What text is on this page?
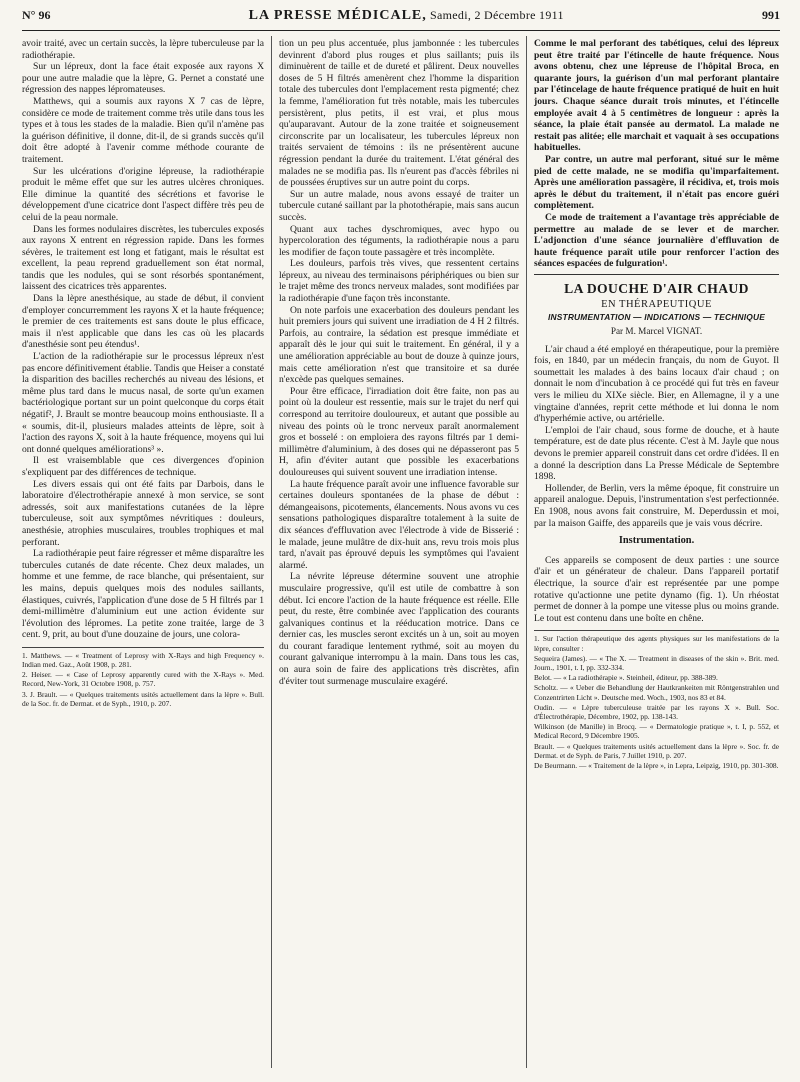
N° 96	LA PRESSE MÉDICALE, Samedi, 2 Décembre 1911	991

avoir traité, avec un certain succès, la lèpre tuberculeuse par la radiothérapie.

Sur un lépreux, dont la face était exposée aux rayons X pour une autre maladie que la lèpre, G. Pernet a constaté une régression des nappes lépromateuses.

Matthews, qui a soumis aux rayons X 7 cas de lèpre, considère ce mode de traitement comme très utile dans tous les types et à tous les stades de la maladie. Bien qu'il n'amène pas la guérison définitive, il donne, dit-il, de si grands succès qu'il doit être adopté à l'avenir comme méthode courante de traitement.

Sur les ulcérations d'origine lépreuse, la radiothérapie produit le même effet que sur les autres ulcères chroniques. Elle diminue la quantité des sécrétions et favorise le développement d'une cicatrice dont l'aspect diffère très peu de celui de la peau normale.

Dans les formes nodulaires discrètes, les tubercules exposés aux rayons X entrent en régression rapide. Dans les formes sévères, le traitement est long et fatigant, mais le résultat est excellent, la peau reprend graduellement son état normal, tandis que les nodules, qui se sont résorbés spontanément, laissent des cicatrices très apparentes.

Dans la lèpre anesthésique, au stade de début, il convient d'employer concurremment les rayons X et la haute fréquence; le premier de ces traitements est sans doute le plus efficace, mais il n'est applicable que dans les cas où les placards d'anesthésie sont peu étendus¹.

L'action de la radiothérapie sur le processus lépreux n'est pas encore définitivement établie. Tandis que Heiser a constaté la disparition des bacilles recherchés au niveau des lésions, et même plus tard dans le mucus nasal, de sorte qu'un examen bactériologique portant sur un point quelconque du corps était négatif², J. Brault se montre beaucoup moins enthousiaste. Il a « soumis, dit-il, plusieurs malades atteints de lèpre, soit à l'action des rayons X, soit à la haute fréquence, moyens qui lui ont donné quelques améliorations³ ».

Il est vraisemblable que ces divergences d'opinion s'expliquent par des différences de technique.

Les divers essais qui ont été faits par Darbois, dans le laboratoire d'électrothérapie annexé à mon service, se sont adressés, soit aux manifestations cutanées de la lèpre tuberculeuse, soit aux symptômes névritiques : douleurs, anesthésie, atrophies musculaires, troubles trophiques et mal perforant.

La radiothérapie peut faire régresser et même disparaître les tubercules cutanés de date récente. Chez deux malades, un homme et une femme, de race blanche, qui présentaient, sur les mains, depuis quelques mois des nodules saillants, élastiques, cuivrés, l'application d'une dose de 5 H filtrés par 1 demi-millimètre d'aluminium eut une action évidente sur l'évolution des lépromes. La petite zone traitée, large de 3 cent. 9, prit, au bout d'une douzaine de jours, une colora-

1. Matthews. — « Treatment of Leprosy with X-Rays and high Frequency ». Indian med. Gaz., Août 1908, p. 281.

2. Heiser. — « Case of Leprosy apparently cured with the X-Rays ». Med. Record, New-York, 31 Octobre 1908, p. 757.

3. J. Brault. — « Quelques traitements usités actuellement dans la lèpre ». Bull. de la Soc. fr. de Dermat. et de Syph., 1910, p. 207.

tion un peu plus accentuée, plus jambonnée : les tubercules devinrent d'abord plus rouges et plus saillants; puis ils diminuèrent de taille et de dureté et pâlirent. Deux nouvelles doses de 5 H filtrés amenèrent chez l'homme la disparition totale des tubercules dont l'emplacement resta pigmenté; chez la femme, l'amélioration fut très notable, mais les tubercules persistèrent, plus petits, il est vrai, et plus mous qu'auparavant. Autour de la zone traitée et soigneusement circonscrite par un localisateur, les tubercules lépreux non traités servaient de témoins : ils ne présentèrent aucune régression pendant la durée du traitement. L'état général des malades ne se modifia pas. Ils n'eurent pas d'accès fébriles ni de poussées éruptives sur un autre point du corps.

Sur un autre malade, nous avons essayé de traiter un tubercule cutané saillant par la photothérapie, mais sans aucun succès.

Quant aux taches dyschromiques, avec hypo ou hypercoloration des téguments, la radiothérapie nous a paru les modifier de façon toute passagère et très incomplète.

Les douleurs, parfois très vives, que ressentent certains lépreux, au niveau des terminaisons périphériques ou bien sur le trajet même des troncs nerveux malades, sont modifiées par la radiothérapie d'une façon très inconstante.

On note parfois une exacerbation des douleurs pendant les huit premiers jours qui suivent une irradiation de 4 H 2 filtrés. Parfois, au contraire, la sédation est presque immédiate et apparaît dès le jour qui suit le traitement. En général, il y a une amélioration appréciable au bout de douze à quinze jours, mais cette amélioration n'est que transitoire et sa durée n'excède pas quelques semaines.

Pour être efficace, l'irradiation doit être faite, non pas au point où la douleur est ressentie, mais sur le trajet du nerf qui correspond au territoire douloureux, et autant que possible au niveau des points où le tronc nerveux paraît anormalement gros et bosselé : on emploiera des rayons filtrés par 1 demi-millimètre d'aluminium, à des doses qui ne dépasseront pas 5 H, afin d'éviter autant que possible les exacerbations douloureuses qui suivent souvent une irradiation intense.

La haute fréquence paraît avoir une influence favorable sur certaines douleurs spontanées de la phase de début : démangeaisons, picotements, élancements. Nous avons vu ces sensations pathologiques disparaître totalement à la suite de dix séances d'effluvation avec l'électrode à vide de Bisserié : le malade, jeune mulâtre de dix-huit ans, revu trois mois plus tard, n'avait pas éprouvé depuis les symptômes qui l'avaient alarmé.

La névrite lépreuse détermine souvent une atrophie musculaire progressive, qu'il est utile de combattre à son début. Ici encore l'action de la haute fréquence est réelle. Elle peut, du reste, être combinée avec l'application des courants galvaniques continus et la rééducation motrice. Dans ce dernier cas, les muscles seront excités un à un, soit au moyen du courant faradique lentement rythmé, soit au moyen du courant galvanique interrompu à la main. Dans tous les cas, on aura soin de faire des applications très discrètes, afin d'éviter tout surmenage musculaire exagéré.

Comme le mal perforant des tabétiques, celui des lépreux peut être traité par l'étincelle de haute fréquence. Nous avons obtenu, chez une lépreuse de l'hôpital Broca, en quarante jours, la guérison d'un mal perforant plantaire par l'étincelage de haute fréquence pratiqué de huit en huit jours. Chaque séance durait trois minutes, et l'étincelle employée avait 4 à 5 centimètres de longueur : après la séance, la plaie était pansée au dermatol. La malade ne restait pas alitée; elle marchait et vaquait à ses occupations habituelles.

Par contre, un autre mal perforant, situé sur le même pied de cette malade, ne se modifia qu'imparfaitement. Après une amélioration passagère, il récidiva, et, trois mois après le début du traitement, il n'était pas encore guéri complètement.

Ce mode de traitement a l'avantage très appréciable de permettre au malade de se lever et de marcher. L'adjonction d'une séance journalière d'effluvation de haute fréquence paraît utile pour renforcer l'action des séances espacées de fulguration¹.

LA DOUCHE D'AIR CHAUD
EN THÉRAPEUTIQUE
INSTRUMENTATION — INDICATIONS — TECHNIQUE
Par M. Marcel VIGNAT.

L'air chaud a été employé en thérapeutique, pour la première fois, en 1840, par un médecin français, du nom de Guyot. Il soumettait les malades à des bains locaux d'air chaud ; on donnait le nom d'incubation à ce procédé qui fut très en faveur vers le milieu du XIXe siècle. Bier, en Allemagne, il y a une vingtaine d'années, reprit cette méthode et lui donna le nom d'hyperhémie active, ou artérielle.

L'emploi de l'air chaud, sous forme de douche, et à haute température, est de date plus récente. C'est à M. Jayle que nous devons le premier appareil construit dans cet ordre d'idées. Il en a donné la description dans La Presse Médicale de Septembre 1898.

Hollender, de Berlin, vers la même époque, fit construire un appareil analogue. Depuis, l'instrumentation s'est perfectionnée. En 1908, nous avons fait construire, M. Deperdussin et moi, par la maison Gaiffe, des appareils que je vais vous décrire.

Instrumentation.

Ces appareils se composent de deux parties : une source d'air et un générateur de chaleur. Dans l'appareil portatif électrique, la source d'air est représentée par une pompe rotative qu'actionne une petite dynamo (fig. 1). Un rhéostat permet de donner à la pompe une vitesse plus ou moins grande. Le tout est contenu dans une boîte en chêne.

1. Sur l'action thérapeutique des agents physiques sur les manifestations de la lèpre, consulter :

Sequeira (James). — « The X. — Treatment in diseases of the skin ». Brit. med. Journ., 1901, t. I, pp. 332-334.

Belot. — « La radiothérapie ». Steinheil, éditeur, pp. 388-389.

Scholtz. — « Ueber die Behandlung der Hautkrankeiten mit Röntgenstrahlen und Conzentrirten Licht ». Deutsche med. Woch., 1903, nos 83 et 84.

Oudin. — « Lèpre tuberculeuse traitée par les rayons X ». Bull. Soc. d'Électrothérapie, Décembre, 1902, pp. 138-143.

Wilkinson (de Manille) in Brocq. — « Dermatologie pratique », t. I, p. 552, et Medical Record, 9 Décembre 1905.

Brault. — « Quelques traitements usités actuellement dans la lèpre ». Soc. fr. de Dermat. et de Syph. de Paris, 7 Juillet 1910, p. 207.

De Beurmann. — « Traitement de la lèpre », in Lepra, Leipzig, 1910, pp. 301-308.
